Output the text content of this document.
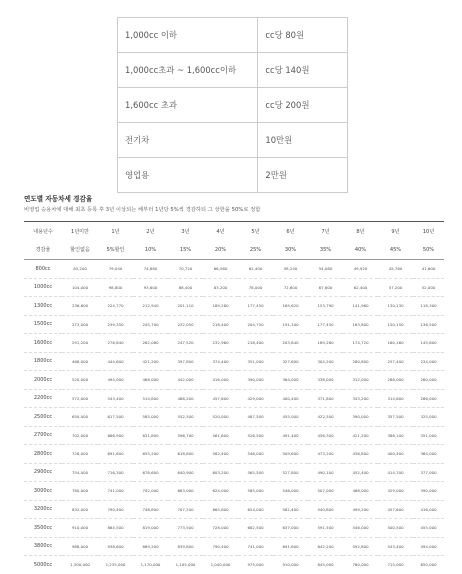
1,000cc 이하	cc당 80원
1,000cc초과 ~ 1,600cc이하	cc당 140원
1,600cc 초과	cc당 200원
전기차	10만원
영업용	2만원
연도별 자동차세 경감율
비영업 승용차에 대해 최초 등록 후 3년 이상되는 해부터 1년당 5%씩 경감하되 그 상한을 50%로 정함
내용년수	1년미만	1년	2년	3년	4년	5년	6년	7년	8년	9년	10년
경감율	할인없음	5%할인	10%	15%	20%	25%	30%	35%	40%	45%	50%
800cc	83,200	79,040	74,880	70,720	66,560	62,400	58,240	54,080	49,920	45,760	41,600
1000cc	104,000	98,800	93,600	88,400	83,200	78,000	72,800	67,600	62,400	57,200	52,000
1300cc	236,600	224,770	212,940	201,110	189,280	177,450	165,620	153,790	141,960	130,130	118,300
1500cc	273,000	259,350	245,700	232,050	218,400	204,750	191,100	177,450	163,800	150,150	136,500
1600cc	291,200	276,640	262,080	247,520	232,960	218,400	203,840	189,280	174,720	160,160	145,600
1800cc	468,000	444,600	421,200	397,800	374,400	351,000	327,600	304,200	280,800	257,400	234,000
2000cc	520,000	494,000	468,000	442,000	416,000	390,000	364,000	338,000	312,000	286,000	260,000
2200cc	572,000	543,400	514,800	486,200	457,600	429,000	400,400	371,800	343,200	314,600	286,000
2500cc	650,000	617,500	585,000	552,500	520,000	487,500	455,000	422,500	390,000	357,500	325,000
2700cc	702,000	666,900	631,800	596,700	561,600	526,500	491,400	456,300	421,200	386,100	351,000
2800cc	728,000	691,600	655,200	618,800	582,400	546,000	509,600	473,200	436,800	400,400	364,000
2900cc	754,000	716,300	678,600	640,900	603,200	565,500	527,800	490,100	452,400	414,700	377,000
3000cc	780,000	741,000	702,000	663,000	624,000	585,000	546,000	507,000	468,000	429,000	390,000
3200cc	832,000	790,400	748,800	707,200	665,600	624,000	582,400	540,800	499,200	457,600	416,000
3500cc	910,000	864,500	819,000	773,500	728,000	682,500	637,000	591,500	546,000	500,500	455,000
3800cc	988,000	938,600	889,200	839,800	790,400	741,000	691,600	642,200	592,800	543,400	494,000
5000cc	1,300,000	1,235,000	1,170,000	1,105,000	1,040,000	975,000	910,000	845,000	780,000	715,000	650,000
